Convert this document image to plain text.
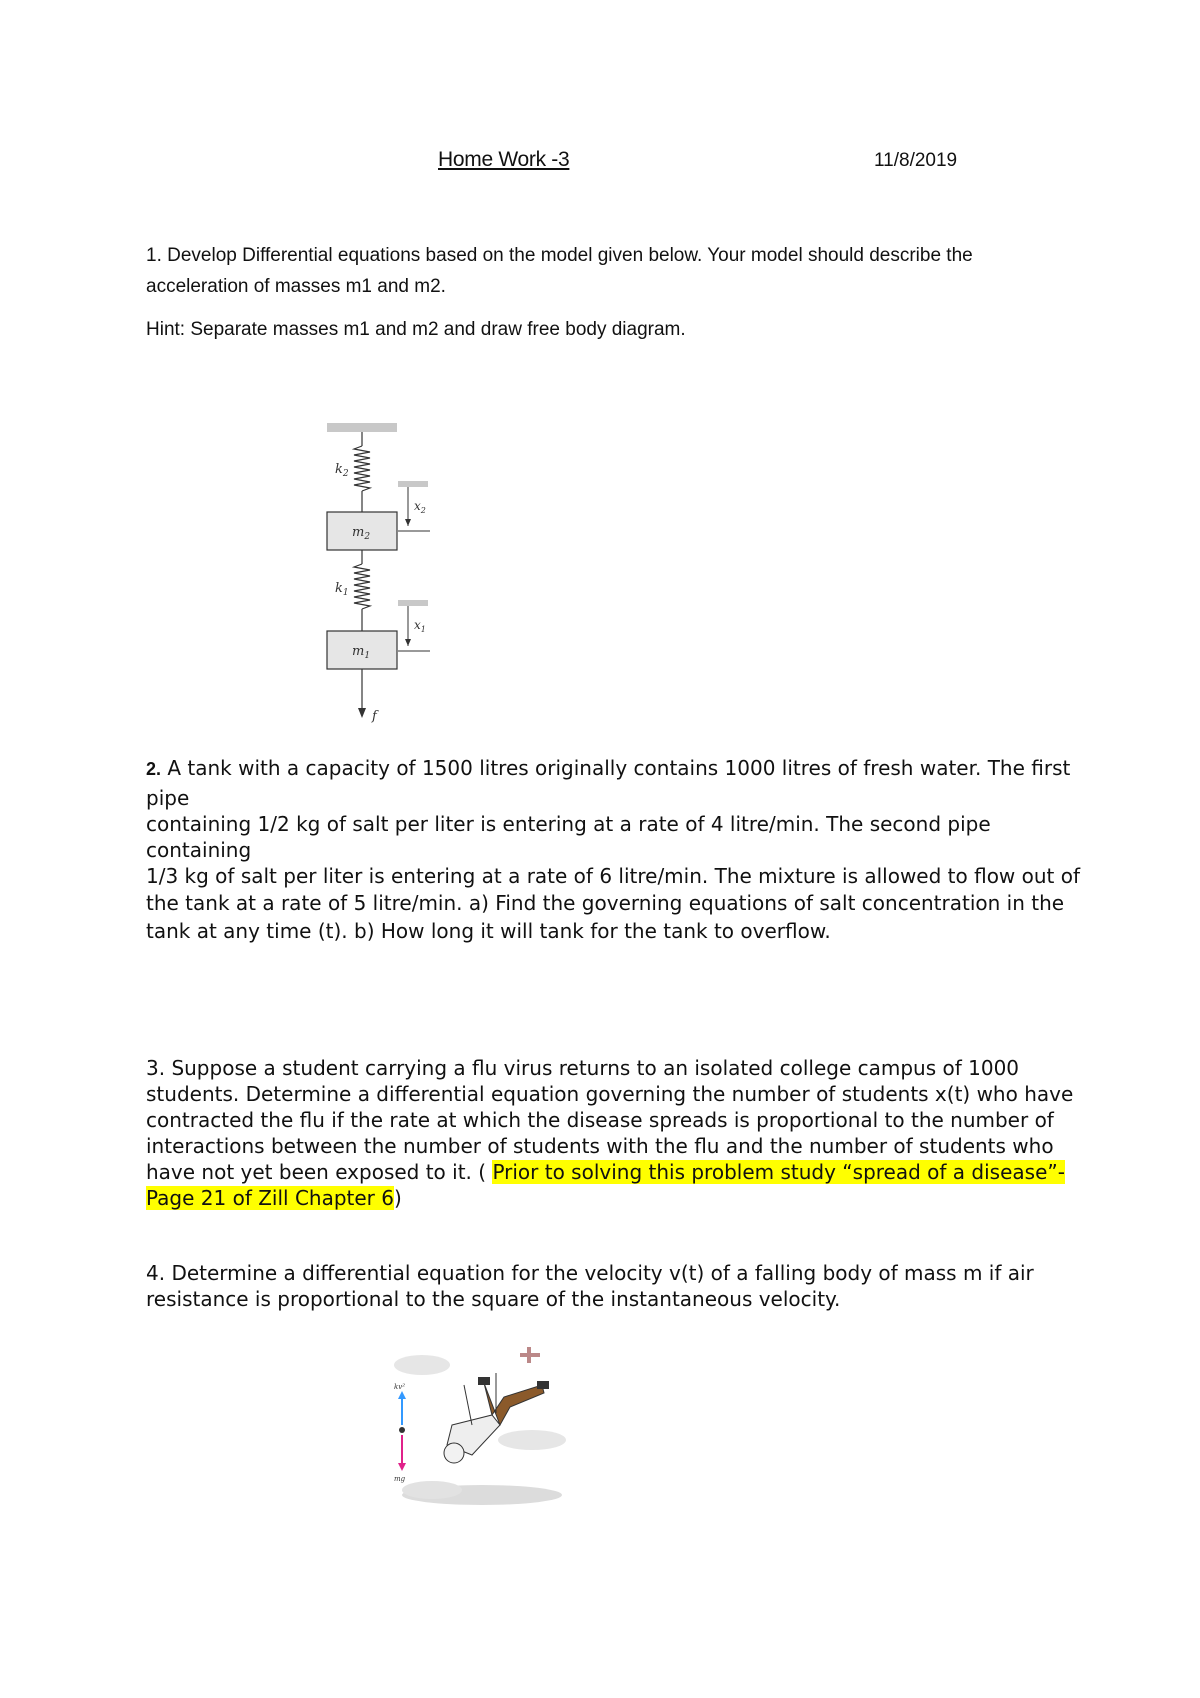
Home Work -3	11/8/2019
1. Develop Differential equations based on the model given below. Your model should describe the acceleration of masses m1 and m2.
Hint: Separate masses m1 and m2 and draw free body diagram.
$k_2$
$m_2$
$k_1$
$m_1$
f
$x_2$
$x_1$
2. A tank with a capacity of 1500 litres originally contains 1000 litres of fresh water. The first pipe
containing 1/2 kg of salt per liter is entering at a rate of 4 litre/min. The second pipe containing
1/3 kg of salt per liter is entering at a rate of 6 litre/min. The mixture is allowed to flow out of
the tank at a rate of 5 litre/min. a) Find the governing equations of salt concentration in the tank at any time (t). b) How long it will tank for the tank to overflow.
3. Suppose a student carrying a flu virus returns to an isolated college campus of 1000 students. Determine a differential equation governing the number of students x(t) who have contracted the flu if the rate at which the disease spreads is proportional to the number of interactions between the number of students with the flu and the number of students who have not yet been exposed to it. ( Prior to solving this problem study “spread of a disease”- Page 21 of Zill Chapter 6)
4. Determine a differential equation for the velocity v(t) of a falling body of mass m if air resistance is proportional to the square of the instantaneous velocity.
kv²
mg
